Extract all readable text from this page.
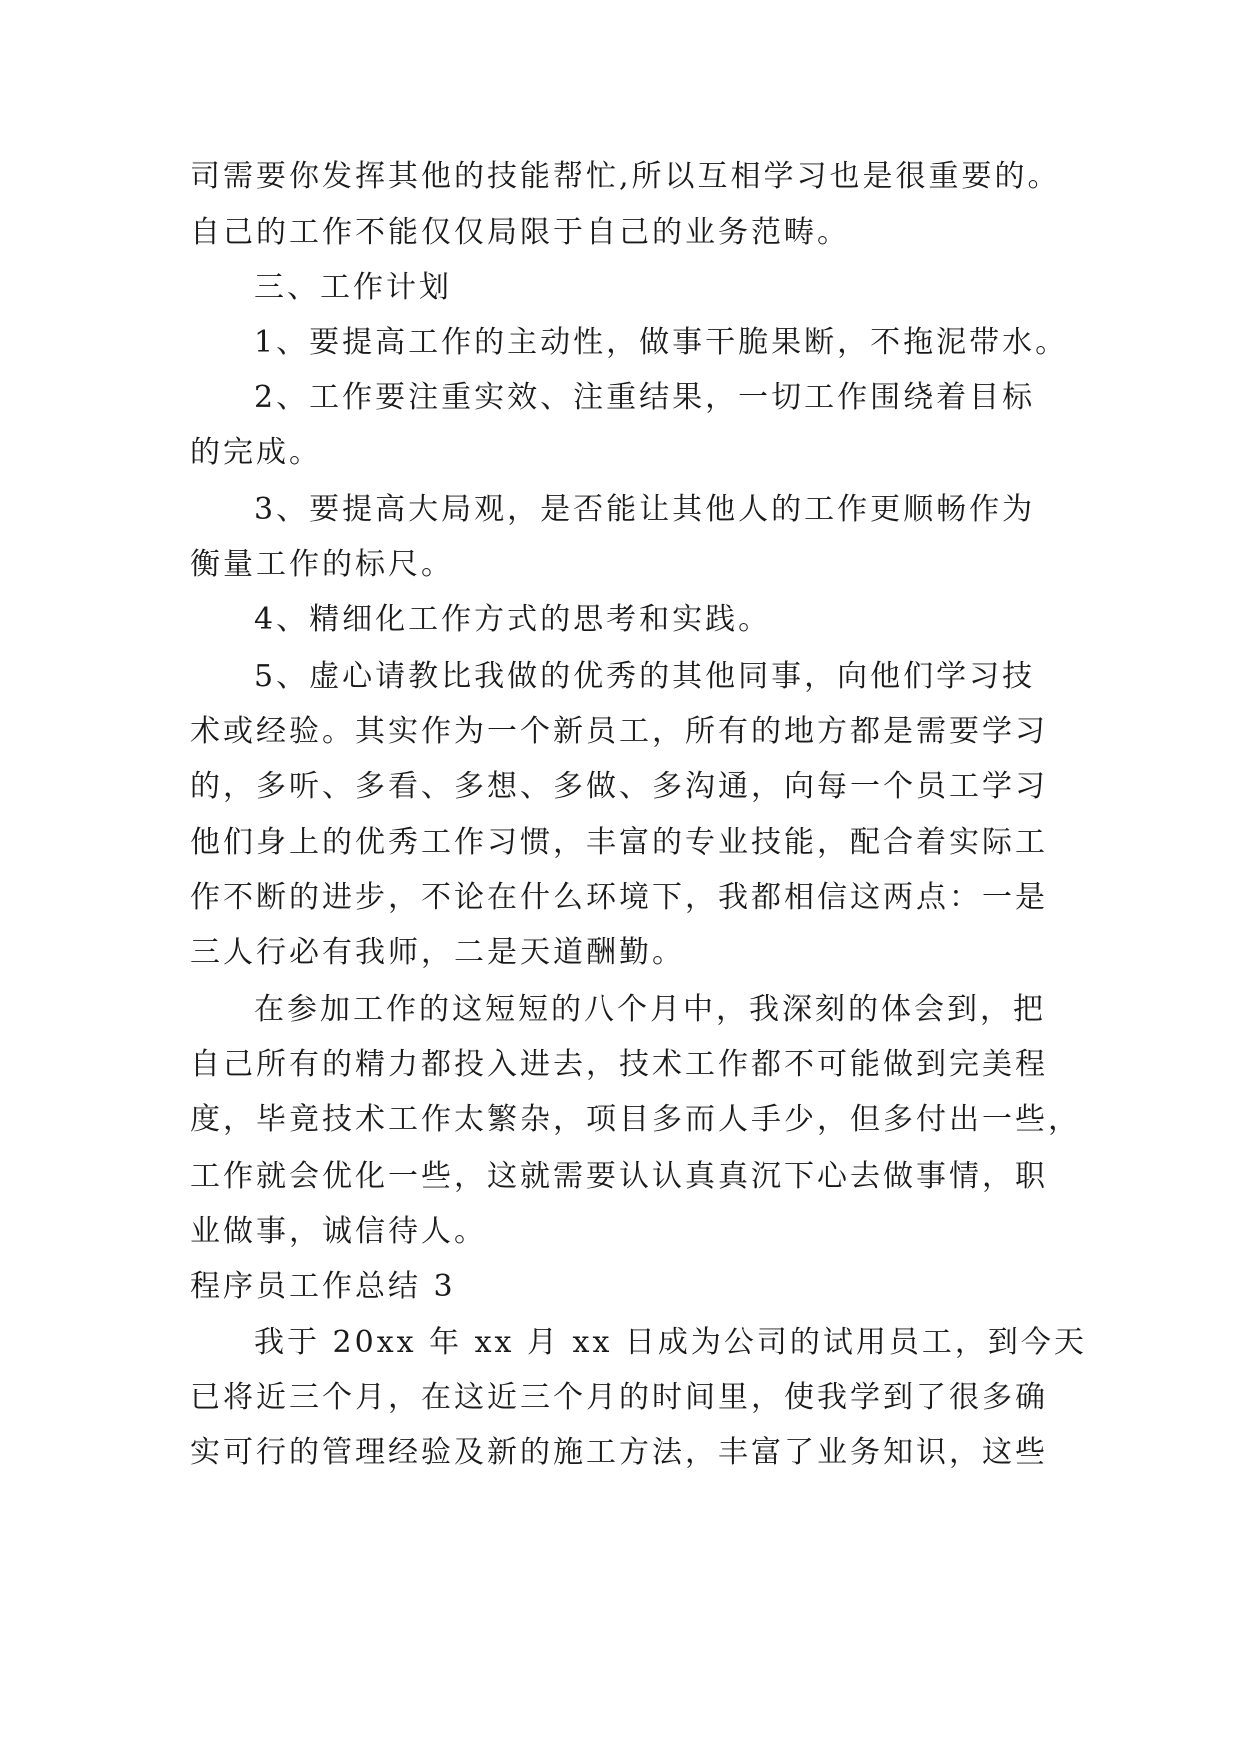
司需要你发挥其他的技能帮忙,所以互相学习也是很重要的。
自己的工作不能仅仅局限于自己的业务范畴。
三、工作计划
1、要提高工作的主动性，做事干脆果断，不拖泥带水。
2、工作要注重实效、注重结果，一切工作围绕着目标
的完成。
3、要提高大局观，是否能让其他人的工作更顺畅作为
衡量工作的标尺。
4、精细化工作方式的思考和实践。
5、虚心请教比我做的优秀的其他同事，向他们学习技
术或经验。其实作为一个新员工，所有的地方都是需要学习
的，多听、多看、多想、多做、多沟通，向每一个员工学习
他们身上的优秀工作习惯，丰富的专业技能，配合着实际工
作不断的进步，不论在什么环境下，我都相信这两点：一是
三人行必有我师，二是天道酬勤。
在参加工作的这短短的八个月中，我深刻的体会到，把
自己所有的精力都投入进去，技术工作都不可能做到完美程
度，毕竟技术工作太繁杂，项目多而人手少，但多付出一些，
工作就会优化一些，这就需要认认真真沉下心去做事情，职
业做事，诚信待人。
程序员工作总结 3
我于 20xx 年 xx 月 xx 日成为公司的试用员工，到今天
已将近三个月，在这近三个月的时间里，使我学到了很多确
实可行的管理经验及新的施工方法，丰富了业务知识，这些
